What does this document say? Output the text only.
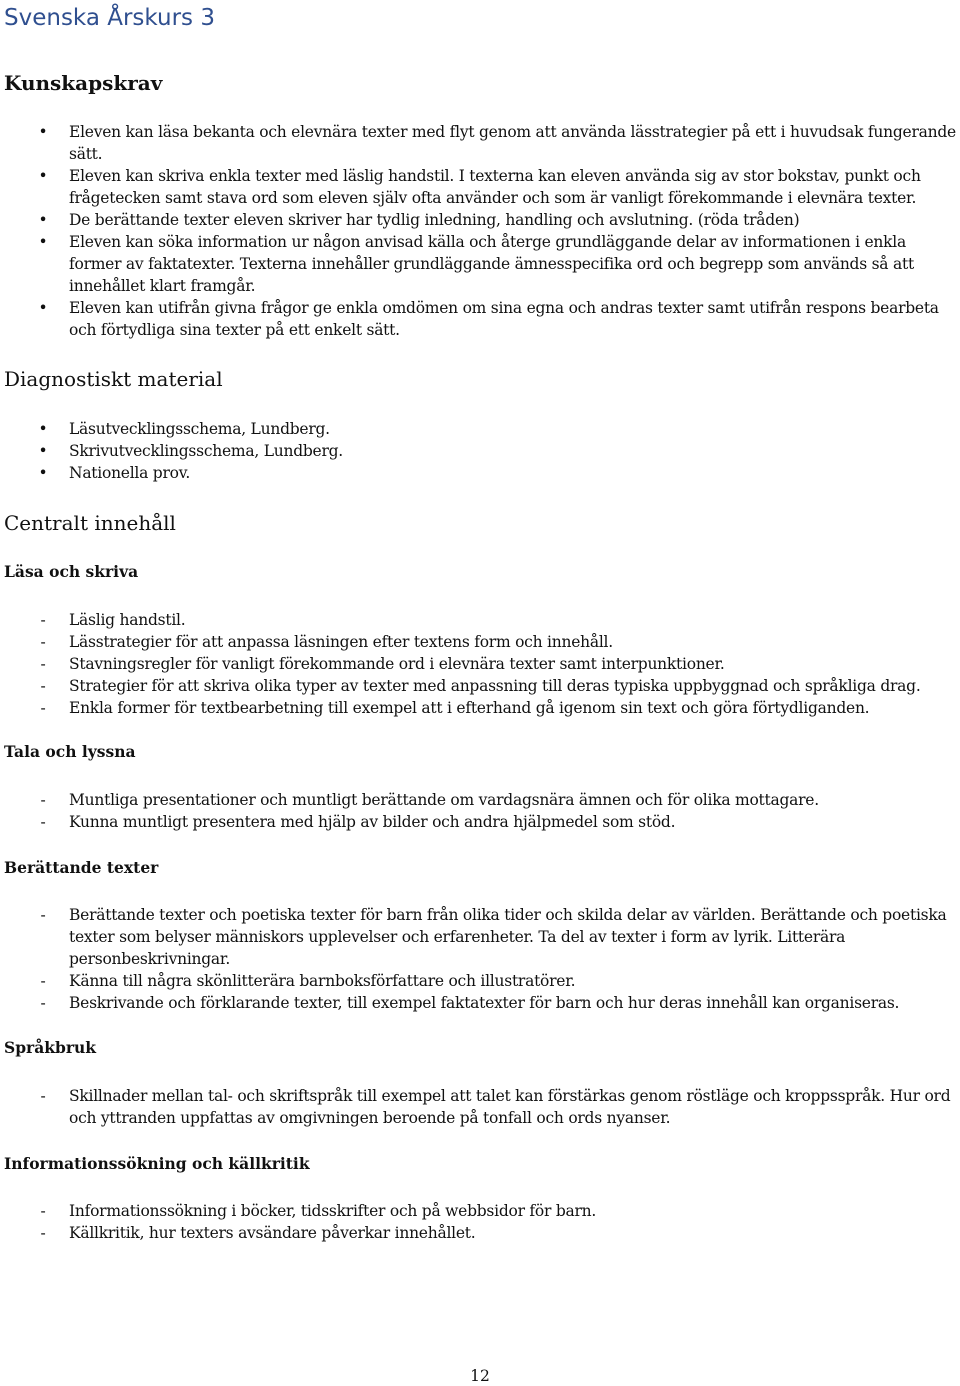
Svenska Årskurs 3
Kunskapskrav
• Eleven kan läsa bekanta och elevnära texter med flyt genom att använda lässtrategier på ett i huvudsak fungerande sätt.
• Eleven kan skriva enkla texter med läslig handstil. I texterna kan eleven använda sig av stor bokstav, punkt och frågetecken samt stava ord som eleven själv ofta använder och som är vanligt förekommande i elevnära texter.
• De berättande texter eleven skriver har tydlig inledning, handling och avslutning. (röda tråden)
• Eleven kan söka information ur någon anvisad källa och återge grundläggande delar av informationen i enkla former av faktatexter. Texterna innehåller grundläggande ämnesspecifika ord och begrepp som används så att innehållet klart framgår.
• Eleven kan utifrån givna frågor ge enkla omdömen om sina egna och andras texter samt utifrån respons bearbeta och förtydliga sina texter på ett enkelt sätt.
Diagnostiskt material
• Läsutvecklingsschema, Lundberg.
• Skrivutvecklingsschema, Lundberg.
• Nationella prov.
Centralt innehåll
Läsa och skriva
- Läslig handstil.
- Lässtrategier för att anpassa läsningen efter textens form och innehåll.
- Stavningsregler för vanligt förekommande ord i elevnära texter samt interpunktioner.
- Strategier för att skriva olika typer av texter med anpassning till deras typiska uppbyggnad och språkliga drag.
- Enkla former för textbearbetning till exempel att i efterhand gå igenom sin text och göra förtydliganden.
Tala och lyssna
- Muntliga presentationer och muntligt berättande om vardagsnära ämnen och för olika mottagare.
- Kunna muntligt presentera med hjälp av bilder och andra hjälpmedel som stöd.
Berättande texter
- Berättande texter och poetiska texter för barn från olika tider och skilda delar av världen. Berättande och poetiska texter som belyser människors upplevelser och erfarenheter. Ta del av texter i form av lyrik. Litterära personbeskrivningar.
- Känna till några skönlitterära barnboksförfattare och illustratörer.
- Beskrivande och förklarande texter, till exempel faktatexter för barn och hur deras innehåll kan organiseras.
Språkbruk
- Skillnader mellan tal- och skriftspråk till exempel att talet kan förstärkas genom röstläge och kroppsspråk. Hur ord och yttranden uppfattas av omgivningen beroende på tonfall och ords nyanser.
Informationssökning och källkritik
- Informationssökning i böcker, tidsskrifter och på webbsidor för barn.
- Källkritik, hur texters avsändare påverkar innehållet.
12
